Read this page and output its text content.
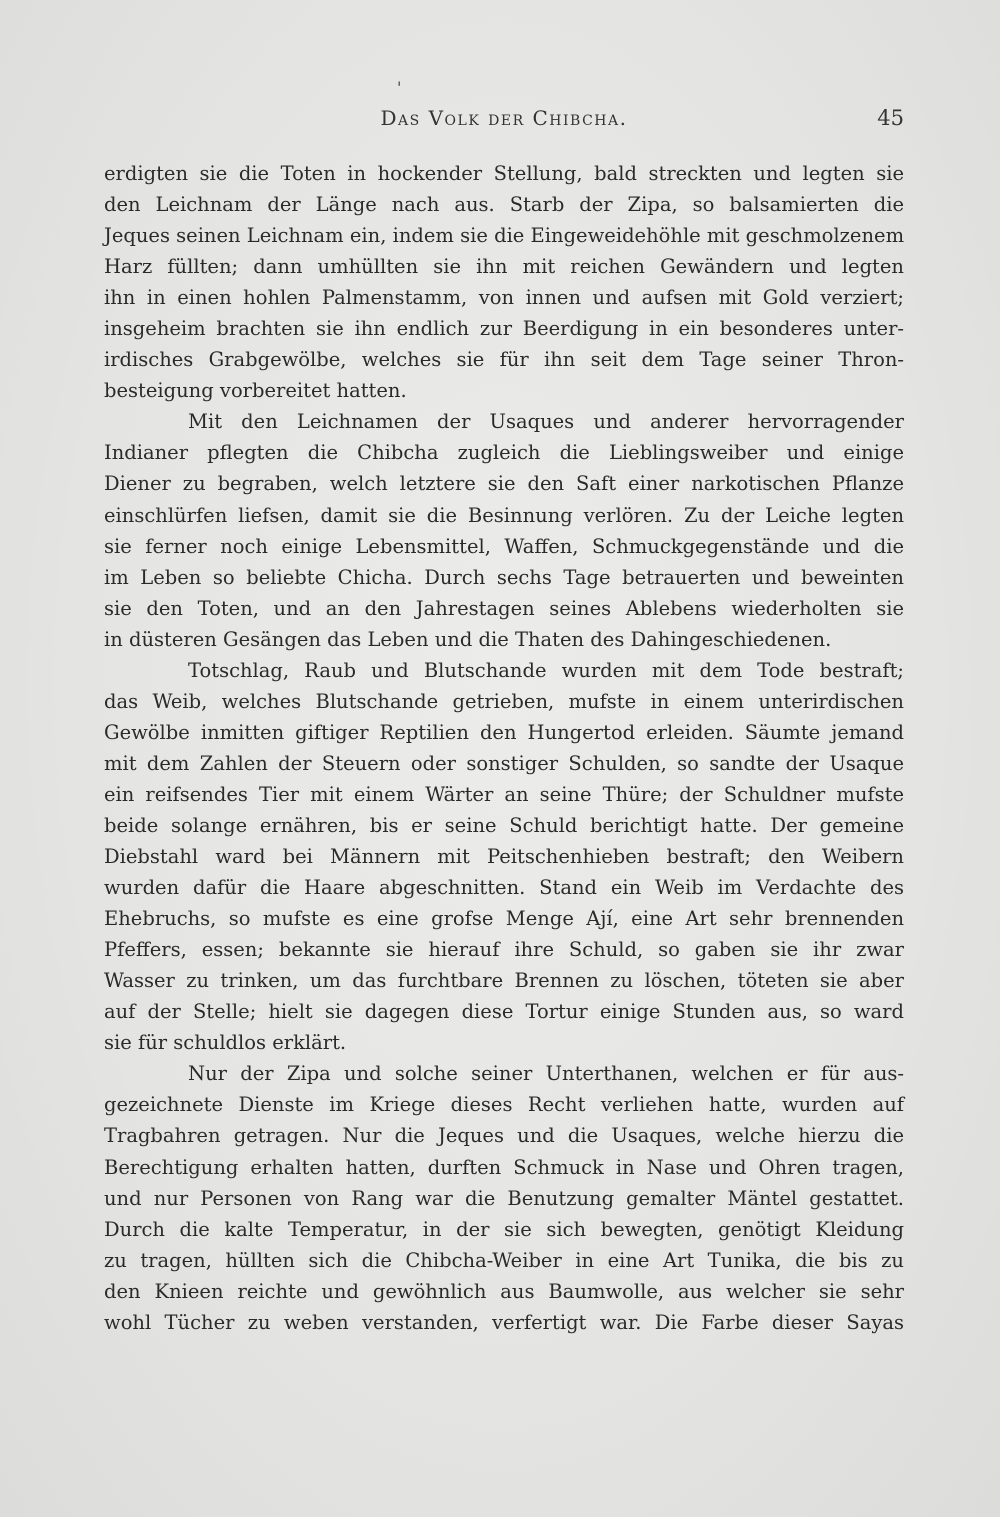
'
Das Volk der Chibcha.	45
erdigten sie die Toten in hockender Stellung, bald streckten und legten sie
den Leichnam der Länge nach aus. Starb der Zipa, so balsamierten die
Jeques seinen Leichnam ein, indem sie die Eingeweidehöhle mit geschmolzenem
Harz füllten; dann umhüllten sie ihn mit reichen Gewändern und legten
ihn in einen hohlen Palmenstamm, von innen und aufsen mit Gold verziert;
insgeheim brachten sie ihn endlich zur Beerdigung in ein besonderes unter-
irdisches Grabgewölbe, welches sie für ihn seit dem Tage seiner Thron-
besteigung vorbereitet hatten.
Mit den Leichnamen der Usaques und anderer hervorragender
Indianer pflegten die Chibcha zugleich die Lieblingsweiber und einige
Diener zu begraben, welch letztere sie den Saft einer narkotischen Pflanze
einschlürfen liefsen, damit sie die Besinnung verlören. Zu der Leiche legten
sie ferner noch einige Lebensmittel, Waffen, Schmuckgegenstände und die
im Leben so beliebte Chicha. Durch sechs Tage betrauerten und beweinten
sie den Toten, und an den Jahrestagen seines Ablebens wiederholten sie
in düsteren Gesängen das Leben und die Thaten des Dahingeschiedenen.
Totschlag, Raub und Blutschande wurden mit dem Tode bestraft;
das Weib, welches Blutschande getrieben, mufste in einem unterirdischen
Gewölbe inmitten giftiger Reptilien den Hungertod erleiden. Säumte jemand
mit dem Zahlen der Steuern oder sonstiger Schulden, so sandte der Usaque
ein reifsendes Tier mit einem Wärter an seine Thüre; der Schuldner mufste
beide solange ernähren, bis er seine Schuld berichtigt hatte. Der gemeine
Diebstahl ward bei Männern mit Peitschenhieben bestraft; den Weibern
wurden dafür die Haare abgeschnitten. Stand ein Weib im Verdachte des
Ehebruchs, so mufste es eine grofse Menge Ají, eine Art sehr brennenden
Pfeffers, essen; bekannte sie hierauf ihre Schuld, so gaben sie ihr zwar
Wasser zu trinken, um das furchtbare Brennen zu löschen, töteten sie aber
auf der Stelle; hielt sie dagegen diese Tortur einige Stunden aus, so ward
sie für schuldlos erklärt.
Nur der Zipa und solche seiner Unterthanen, welchen er für aus-
gezeichnete Dienste im Kriege dieses Recht verliehen hatte, wurden auf
Tragbahren getragen. Nur die Jeques und die Usaques, welche hierzu die
Berechtigung erhalten hatten, durften Schmuck in Nase und Ohren tragen,
und nur Personen von Rang war die Benutzung gemalter Mäntel gestattet.
Durch die kalte Temperatur, in der sie sich bewegten, genötigt Kleidung
zu tragen, hüllten sich die Chibcha-Weiber in eine Art Tunika, die bis zu
den Knieen reichte und gewöhnlich aus Baumwolle, aus welcher sie sehr
wohl Tücher zu weben verstanden, verfertigt war. Die Farbe dieser Sayas
